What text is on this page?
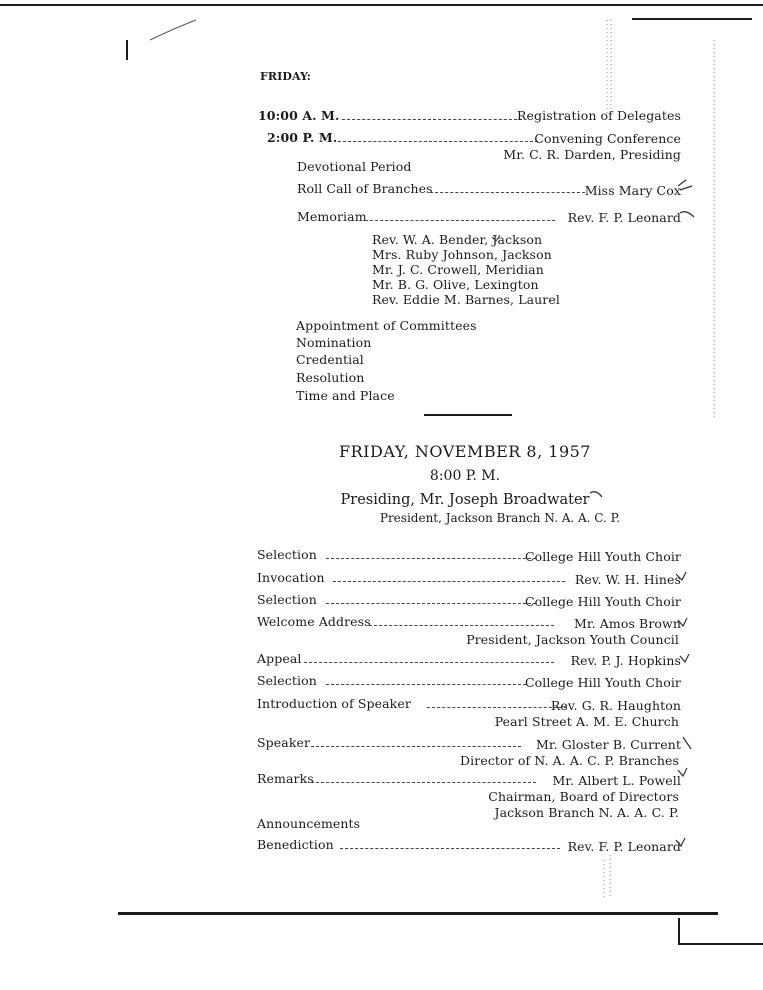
FRIDAY:
10:00 A. M.	Registration of Delegates
2:00 P. M.	Convening Conference
Mr. C. R. Darden, Presiding
Devotional Period
Roll Call of Branches	Miss Mary Cox
Memoriam	Rev. F. P. Leonard
Rev. W. A. Bender, Jackson
Mrs. Ruby Johnson, Jackson
Mr. J. C. Crowell, Meridian
Mr. B. G. Olive, Lexington
Rev. Eddie M. Barnes, Laurel
Appointment of Committees
Nomination
Credential
Resolution
Time and Place
FRIDAY, NOVEMBER 8, 1957
8:00 P. M.
Presiding, Mr. Joseph Broadwater
President, Jackson Branch N. A. A. C. P.
Selection	College Hill Youth Choir
Invocation	Rev. W. H. Hines
Selection	College Hill Youth Choir
Welcome Address	Mr. Amos Brown
President, Jackson Youth Council
Appeal	Rev. P. J. Hopkins
Selection	College Hill Youth Choir
Introduction of Speaker	Rev. G. R. Haughton
Pearl Street A. M. E. Church
Speaker	Mr. Gloster B. Current
Director of N. A. A. C. P. Branches
Remarks	Mr. Albert L. Powell
Chairman, Board of Directors
Jackson Branch N. A. A. C. P.
Announcements
Benediction	Rev. F. P. Leonard
